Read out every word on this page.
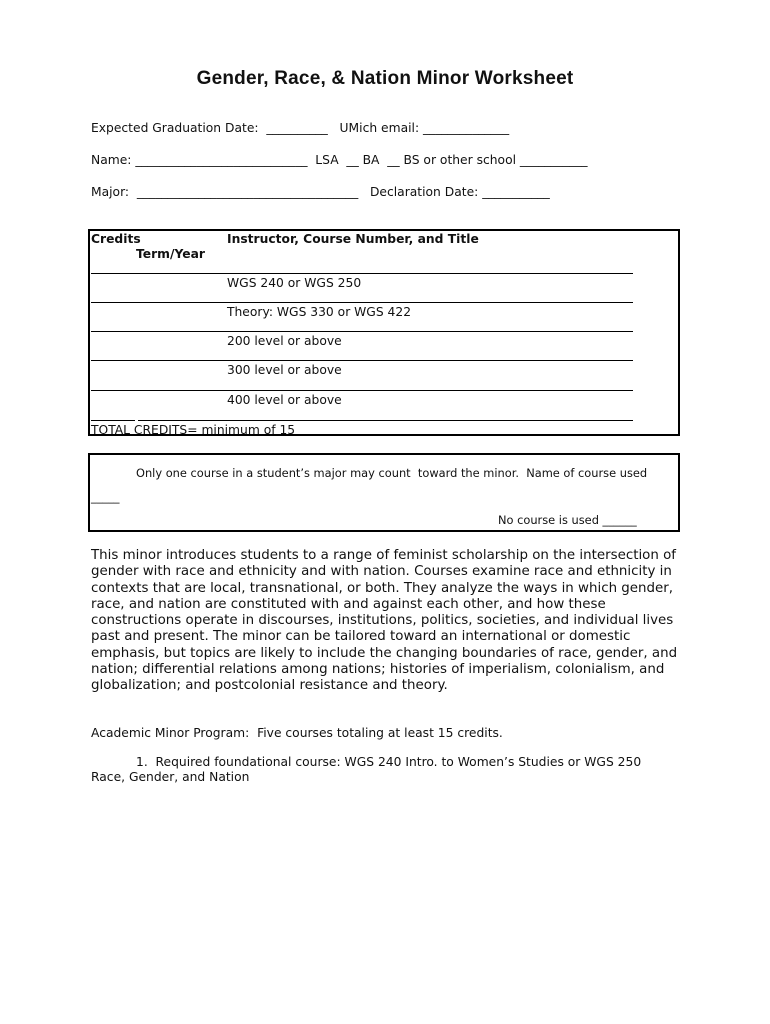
Gender, Race, & Nation Minor Worksheet
Expected Graduation Date:  __________   UMich email: ______________
Name: ____________________________  LSA  __ BA  __ BS or other school ___________
Major:  ____________________________________   Declaration Date: ___________
Credits
Term/Year
Instructor, Course Number, and Title
WGS 240 or WGS 250
Theory: WGS 330 or WGS 422
200 level or above
300 level or above
400 level or above
TOTAL CREDITS= minimum of 15
Only one course in a student’s major may count  toward the minor.  Name of course used
_____
No course is used ______
This minor introduces students to a range of feminist scholarship on the intersection of gender with race and ethnicity and with nation. Courses examine race and ethnicity in contexts that are local, transnational, or both. They analyze the ways in which gender, race, and nation are constituted with and against each other, and how these constructions operate in discourses, institutions, politics, societies, and individual lives past and present. The minor can be tailored toward an international or domestic emphasis, but topics are likely to include the changing boundaries of race, gender, and nation; differential relations among nations; histories of imperialism, colonialism, and globalization; and postcolonial resistance and theory.
Academic Minor Program:  Five courses totaling at least 15 credits.
1.  Required foundational course: WGS 240 Intro. to Women’s Studies or WGS 250
Race, Gender, and Nation
